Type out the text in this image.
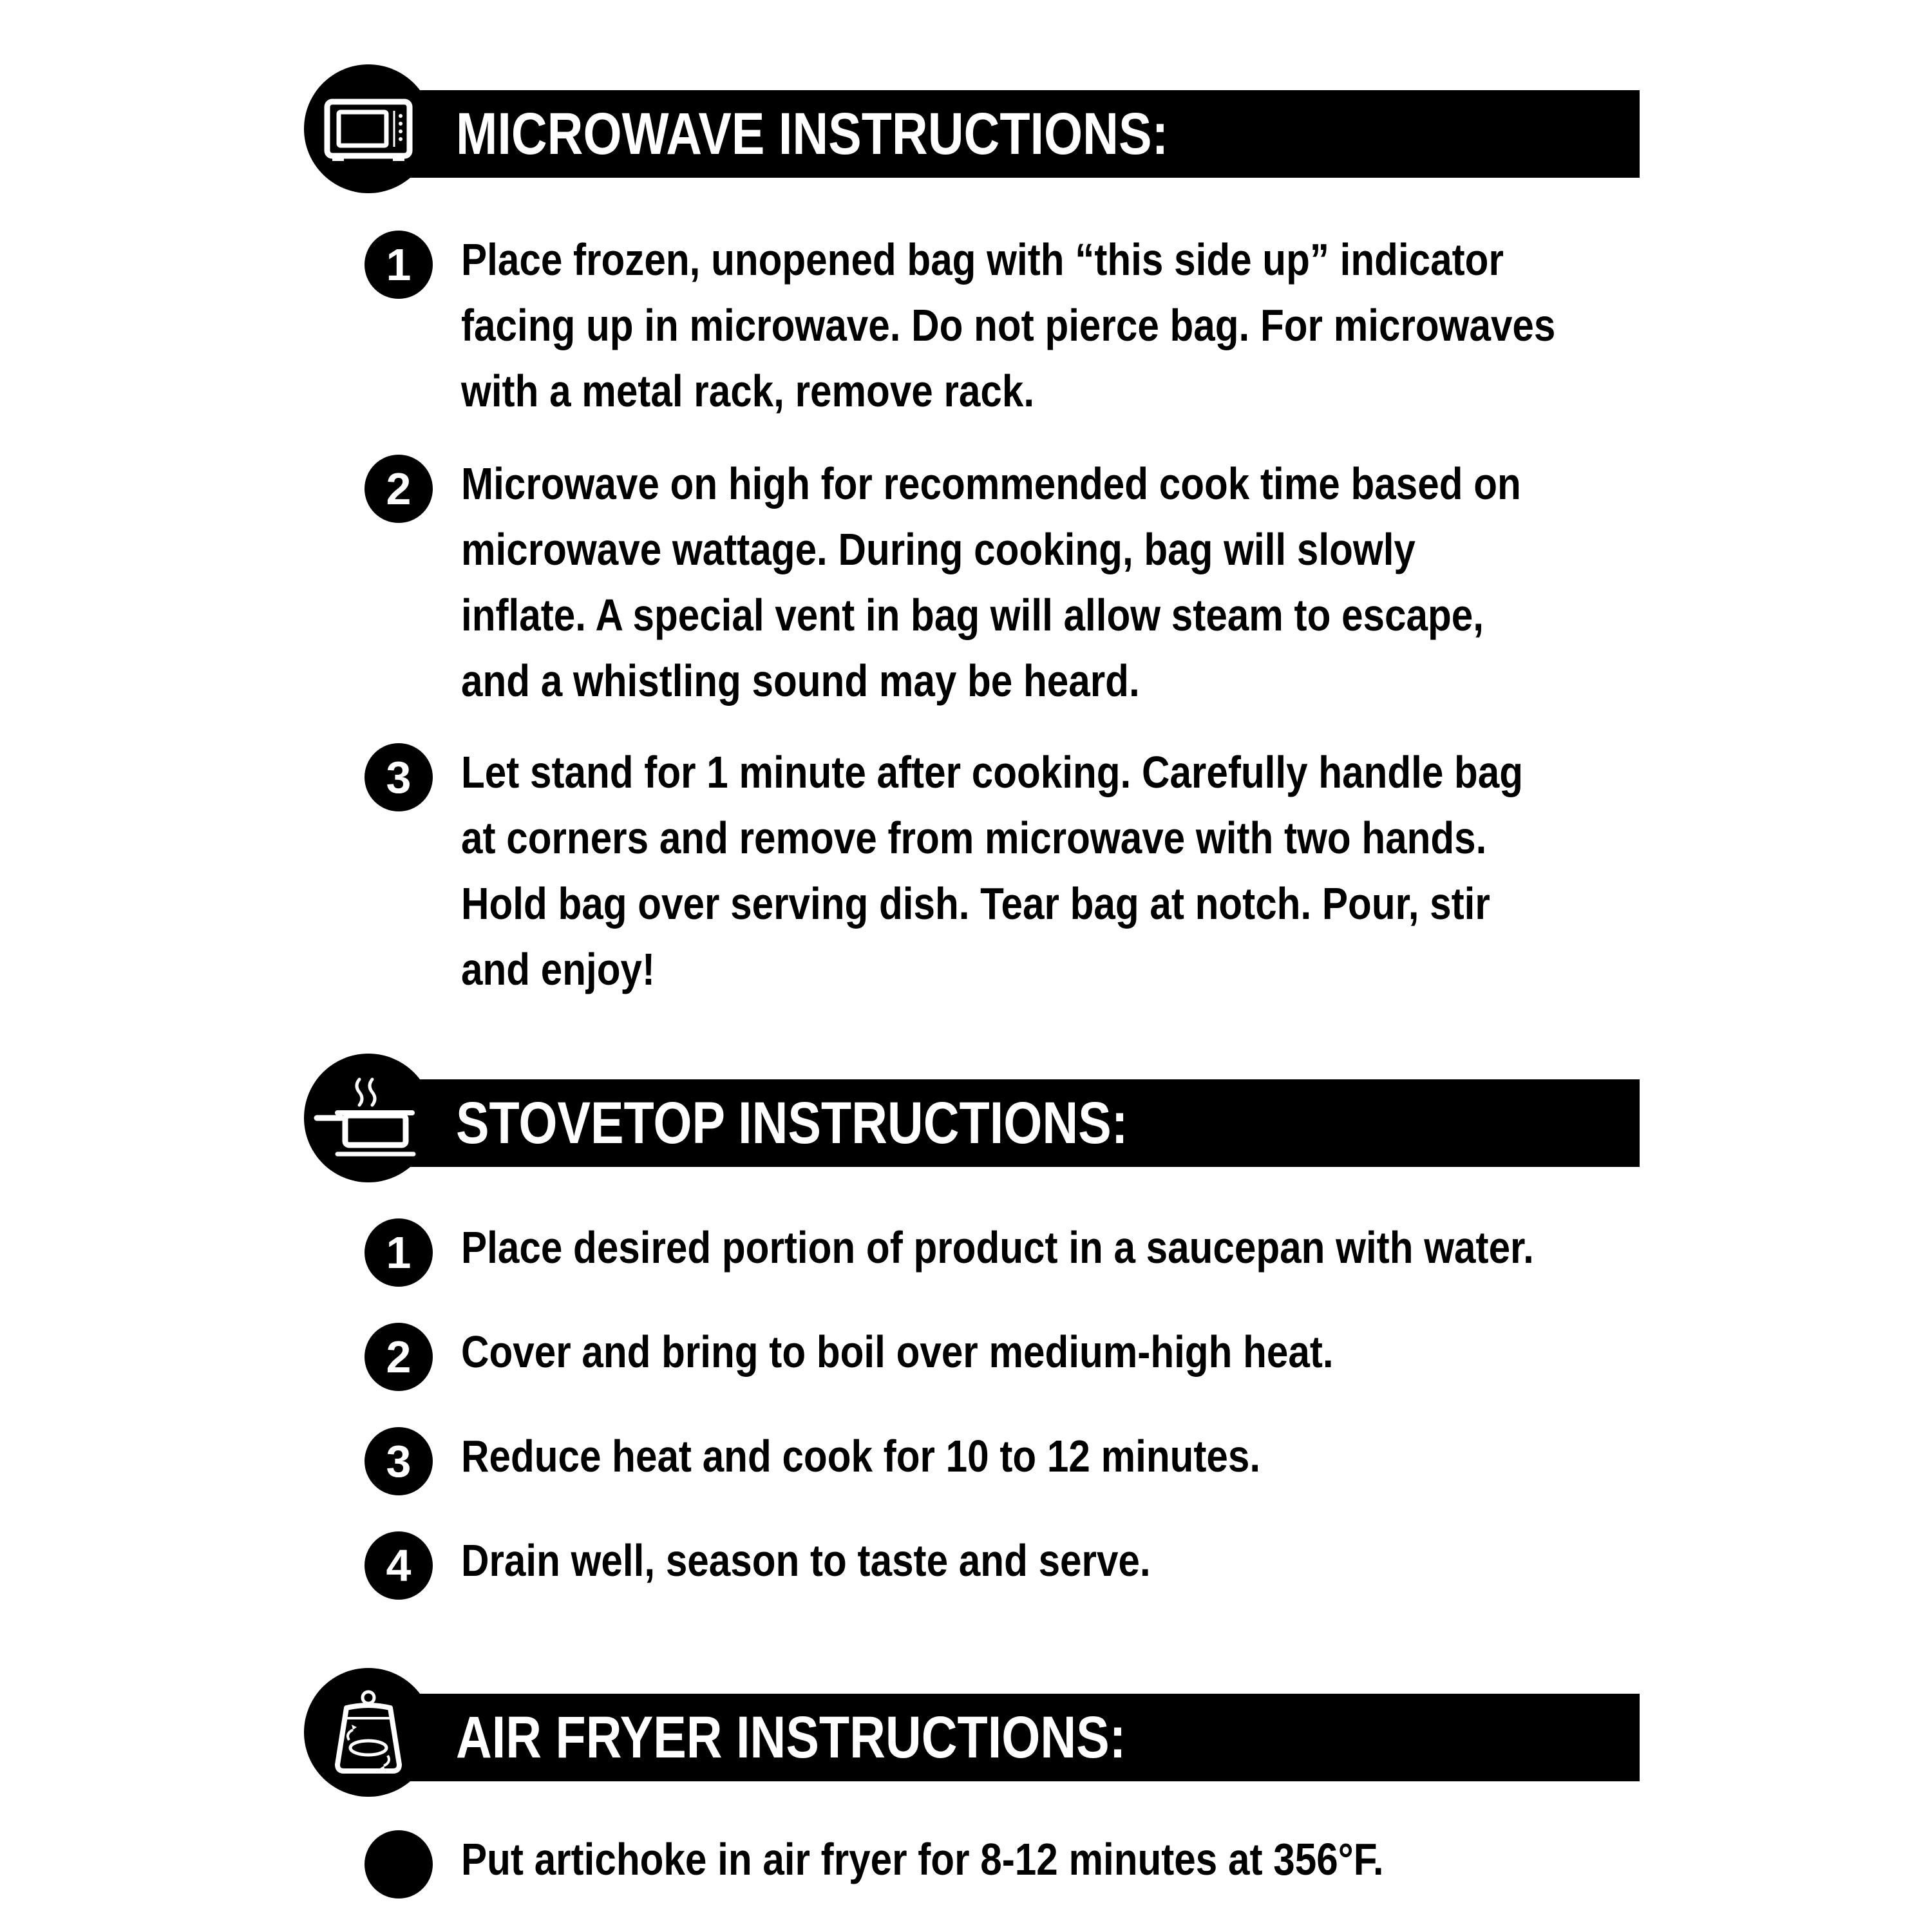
MICROWAVE INSTRUCTIONS:
1	Place frozen, unopened bag with “this side up” indicator
facing up in microwave. Do not pierce bag. For microwaves
with a metal rack, remove rack.
2	Microwave on high for recommended cook time based on
microwave wattage. During cooking, bag will slowly
inflate. A special vent in bag will allow steam to escape,
and a whistling sound may be heard.
3	Let stand for 1 minute after cooking. Carefully handle bag
at corners and remove from microwave with two hands.
Hold bag over serving dish. Tear bag at notch. Pour, stir
and enjoy!
STOVETOP INSTRUCTIONS:
1	Place desired portion of product in a saucepan with water.
2	Cover and bring to boil over medium-high heat.
3	Reduce heat and cook for 10 to 12 minutes.
4	Drain well, season to taste and serve.
AIR FRYER INSTRUCTIONS:
Put artichoke in air fryer for 8-12 minutes at 356°F.
